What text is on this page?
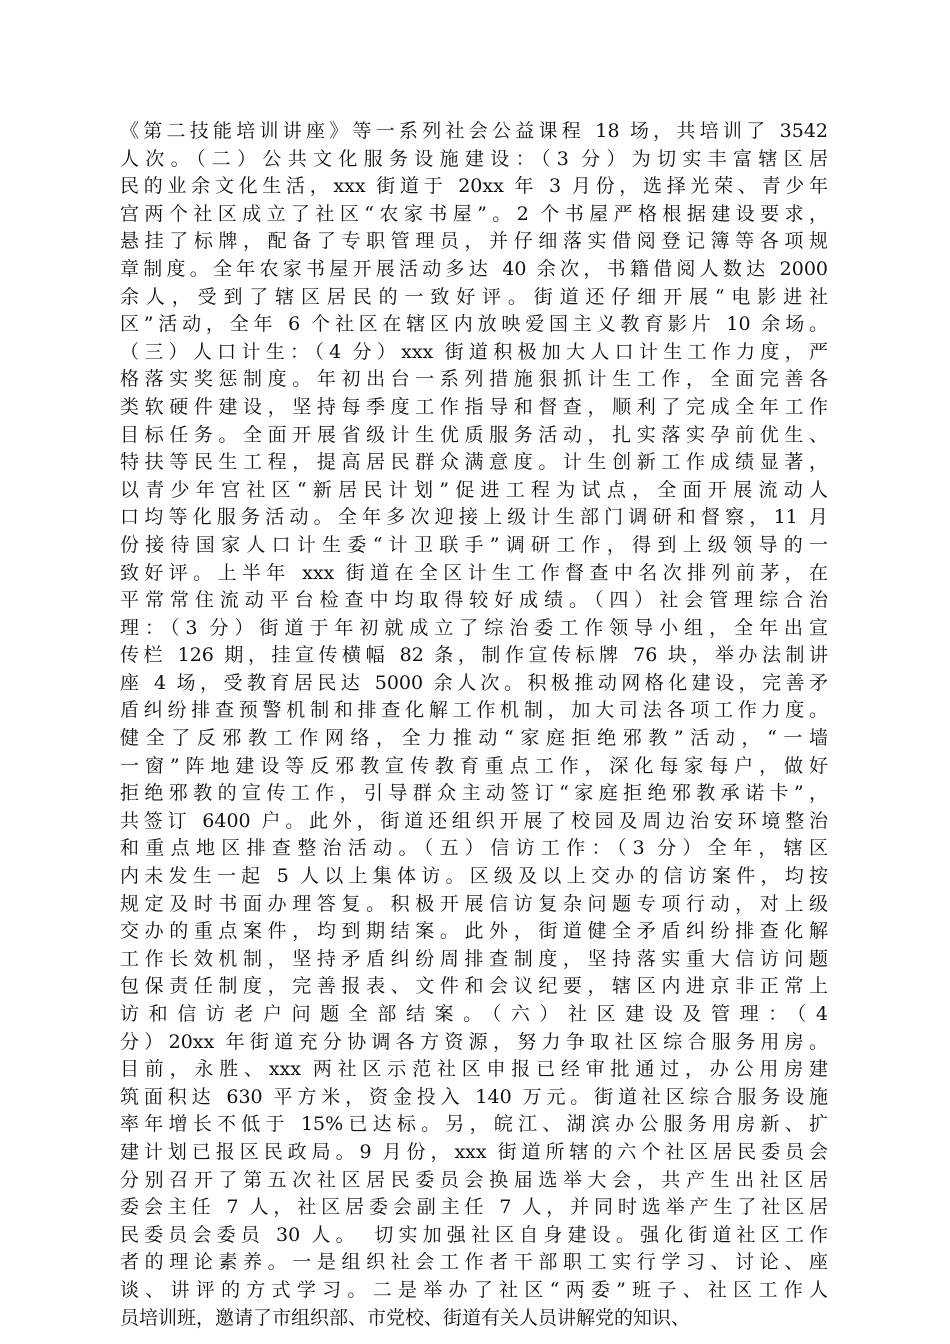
《第二技能培训讲座》等一系列社会公益课程 18 场，共培训了 3542
人次。（二）公共文化服务设施建设：（3 分）为切实丰富辖区居
民的业余文化生活，xxx 街道于 20xx 年 3 月份，选择光荣、青少年
宫两个社区成立了社区“农家书屋”。2 个书屋严格根据建设要求，
悬挂了标牌，配备了专职管理员，并仔细落实借阅登记簿等各项规
章制度。全年农家书屋开展活动多达 40 余次，书籍借阅人数达 2000
余人，受到了辖区居民的一致好评。街道还仔细开展“电影进社
区”活动，全年 6 个社区在辖区内放映爱国主义教育影片 10 余场。
（三）人口计生：（4 分）xxx 街道积极加大人口计生工作力度，严
格落实奖惩制度。年初出台一系列措施狠抓计生工作，全面完善各
类软硬件建设，坚持每季度工作指导和督查，顺利了完成全年工作
目标任务。全面开展省级计生优质服务活动，扎实落实孕前优生、
特扶等民生工程，提高居民群众满意度。计生创新工作成绩显著，
以青少年宫社区“新居民计划”促进工程为试点，全面开展流动人
口均等化服务活动。全年多次迎接上级计生部门调研和督察，11 月
份接待国家人口计生委“计卫联手”调研工作，得到上级领导的一
致好评。上半年 xxx 街道在全区计生工作督查中名次排列前茅，在
平常常住流动平台检查中均取得较好成绩。（四）社会管理综合治
理：（3 分）街道于年初就成立了综治委工作领导小组，全年出宣
传栏 126 期，挂宣传横幅 82 条，制作宣传标牌 76 块，举办法制讲
座 4 场，受教育居民达 5000 余人次。积极推动网格化建设，完善矛
盾纠纷排查预警机制和排查化解工作机制，加大司法各项工作力度。
健全了反邪教工作网络，全力推动“家庭拒绝邪教”活动，“一墙
一窗”阵地建设等反邪教宣传教育重点工作，深化每家每户，做好
拒绝邪教的宣传工作，引导群众主动签订“家庭拒绝邪教承诺卡”，
共签订 6400 户。此外，街道还组织开展了校园及周边治安环境整治
和重点地区排查整治活动。（五）信访工作：（3 分）全年，辖区
内未发生一起 5 人以上集体访。区级及以上交办的信访案件，均按
规定及时书面办理答复。积极开展信访复杂问题专项行动，对上级
交办的重点案件，均到期结案。此外，街道健全矛盾纠纷排查化解
工作长效机制，坚持矛盾纠纷周排查制度，坚持落实重大信访问题
包保责任制度，完善报表、文件和会议纪要，辖区内进京非正常上
访和信访老户问题全部结案。（六）社区建设及管理：（4
分）20xx 年街道充分协调各方资源，努力争取社区综合服务用房。
目前，永胜、xxx 两社区示范社区申报已经审批通过，办公用房建
筑面积达 630 平方米，资金投入 140 万元。街道社区综合服务设施
率年增长不低于 15%已达标。另，皖江、湖滨办公服务用房新、扩
建计划已报区民政局。9 月份，xxx 街道所辖的六个社区居民委员会
分别召开了第五次社区居民委员会换届选举大会，共产生出社区居
委会主任 7 人，社区居委会副主任 7 人，并同时选举产生了社区居
民委员会委员 30 人。　切实加强社区自身建设。强化街道社区工作
者的理论素养。一是组织社会工作者干部职工实行学习、讨论、座
谈、讲评的方式学习。二是举办了社区“两委”班子、社区工作人
员培训班，邀请了市组织部、市党校、街道有关人员讲解党的知识、
